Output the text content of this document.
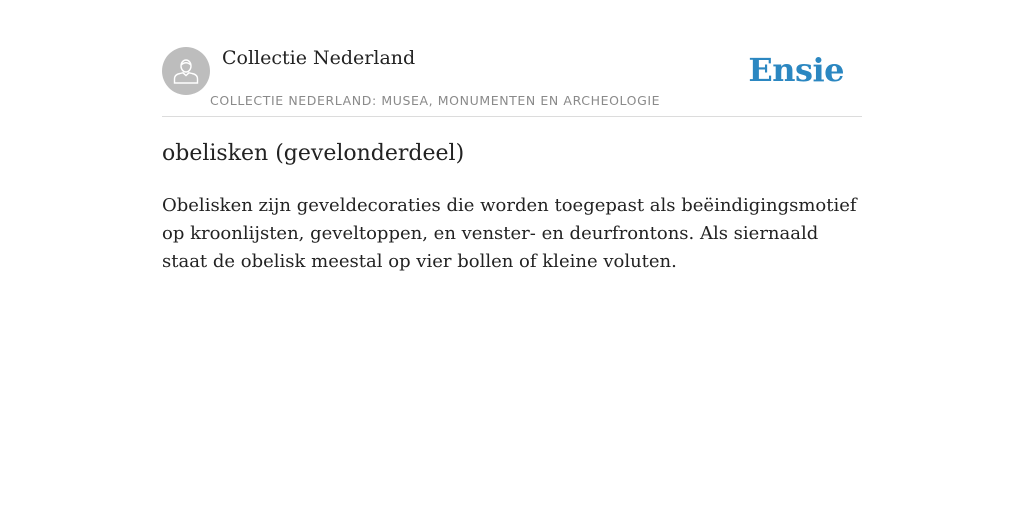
Collectie Nederland
COLLECTIE NEDERLAND: MUSEA, MONUMENTEN EN ARCHEOLOGIE
Ensie
obelisken (gevelonderdeel)

Obelisken zijn geveldecoraties die worden toegepast als beëindigingsmotief op kroonlijsten, geveltoppen, en venster- en deurfrontons. Als siernaald staat de obelisk meestal op vier bollen of kleine voluten.
